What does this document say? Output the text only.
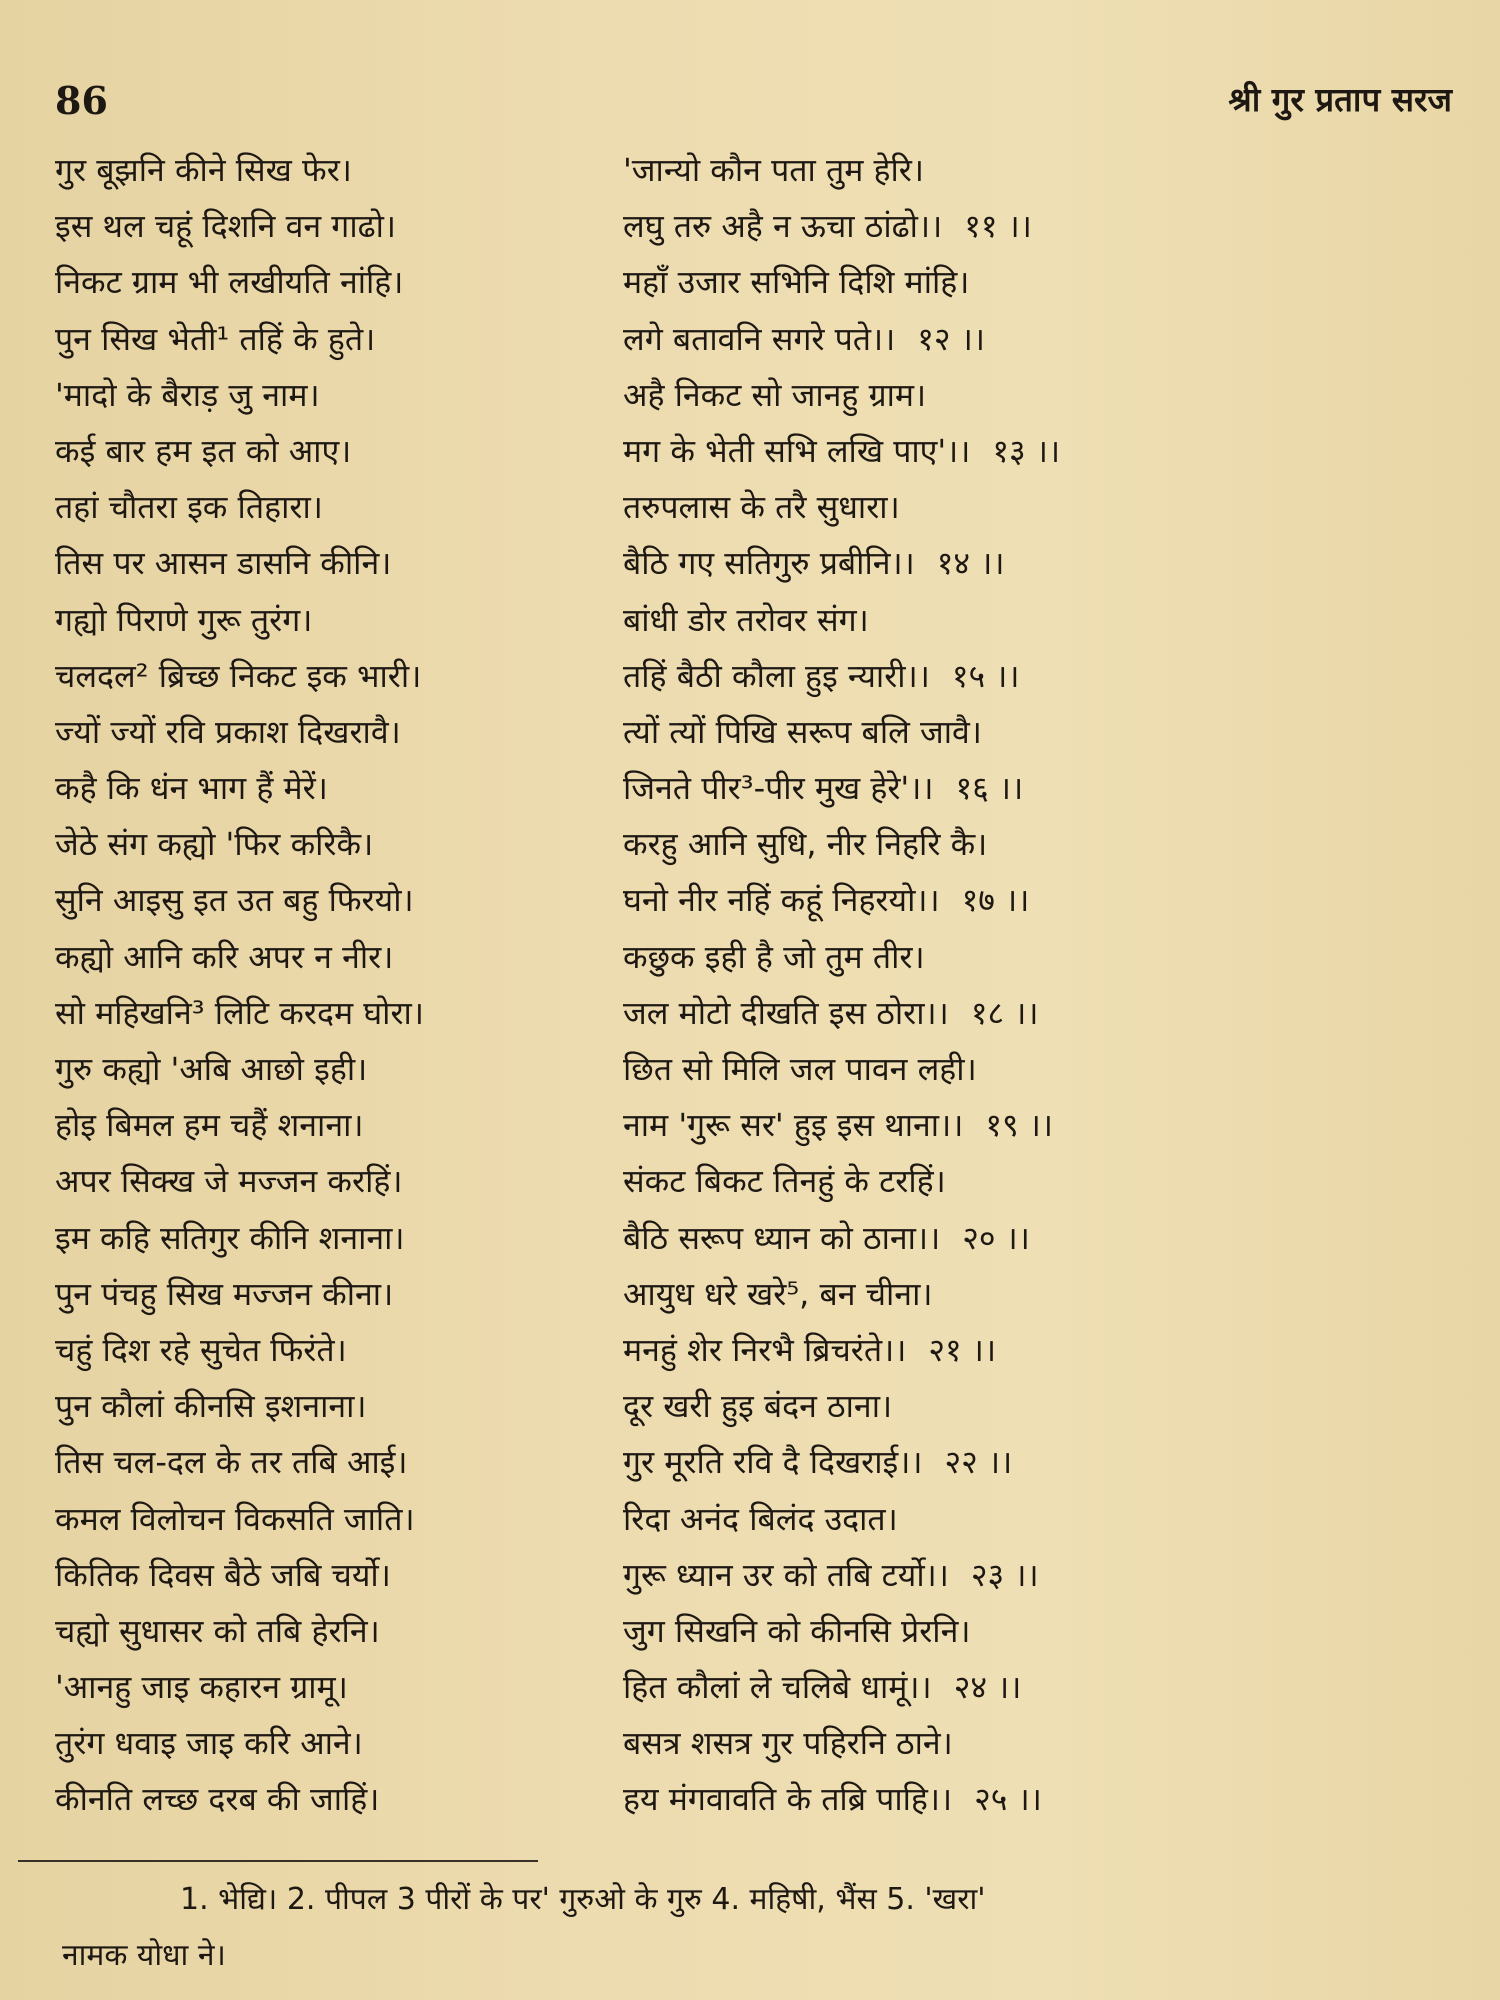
86	श्री गुर प्रताप सरज
गुर बूझनि कीने सिख फेर।	'जान्यो कौन पता तुम हेरि।
इस थल चहूं दिशनि वन गाढो।	लघु तरु अहै न ऊचा ठांढो।। ११ ।।
निकट ग्राम भी लखीयति नांहि।	महाँ उजार सभिनि दिशि मांहि।
पुन सिख भेती¹ तहिं के हुते।	लगे बतावनि सगरे पते।। १२ ।।
'मादो के बैराड़ जु नाम।	अहै निकट सो जानहु ग्राम।
कई बार हम इत को आए।	मग के भेती सभि लखि पाए'।। १३ ।।
तहां चौतरा इक तिहारा।	तरुपलास के तरै सुधारा।
तिस पर आसन डासनि कीनि।	बैठि गए सतिगुरु प्रबीनि।। १४ ।।
गह्यो पिराणे गुरू तुरंग।	बांधी डोर तरोवर संग।
चलदल² ब्रिच्छ निकट इक भारी।	तहिं बैठी कौला हुइ न्यारी।। १५ ।।
ज्यों ज्यों रवि प्रकाश दिखरावै।	त्यों त्यों पिखि सरूप बलि जावै।
कहै कि धंन भाग हैं मेरें।	जिनते पीर³-पीर मुख हेरे'।। १६ ।।
जेठे संग कह्यो 'फिर करिकै।	करहु आनि सुधि, नीर निहरि कै।
सुनि आइसु इत उत बहु फिरयो।	घनो नीर नहिं कहूं निहरयो।। १७ ।।
कह्यो आनि करि अपर न नीर।	कछुक इही है जो तुम तीर।
सो महिखनि³ लिटि करदम घोरा।	जल मोटो दीखति इस ठोरा।। १८ ।।
गुरु कह्यो 'अबि आछो इही।	छित सो मिलि जल पावन लही।
होइ बिमल हम चहैं शनाना।	नाम 'गुरू सर' हुइ इस थाना।। १९ ।।
अपर सिक्ख जे मज्जन करहिं।	संकट बिकट तिनहुं के टरहिं।
इम कहि सतिगुर कीनि शनाना।	बैठि सरूप ध्यान को ठाना।। २० ।।
पुन पंचहु सिख मज्जन कीना।	आयुध धरे खरे⁵, बन चीना।
चहुं दिश रहे सुचेत फिरंते।	मनहुं शेर निरभै ब्रिचरंते।। २१ ।।
पुन कौलां कीनसि इशनाना।	दूर खरी हुइ बंदन ठाना।
तिस चल-दल के तर तबि आई।	गुर मूरति रवि दै दिखराई।। २२ ।।
कमल विलोचन विकसति जाति।	रिदा अनंद बिलंद उदात।
कितिक दिवस बैठे जबि चर्यो।	गुरू ध्यान उर को तबि टर्यो।। २३ ।।
चह्यो सुधासर को तबि हेरनि।	जुग सिखनि को कीनसि प्रेरनि।
'आनहु जाइ कहारन ग्रामू।	हित कौलां ले चलिबे धामूं।। २४ ।।
तुरंग धवाइ जाइ करि आने।	बसत्र शसत्र गुर पहिरनि ठाने।
कीनति लच्छ दरब की जाहिं।	हय मंगवावति के तब्रि पाहि।। २५ ।।
1. भेद्यि। 2. पीपल 3 पीरों के पर' गुरुओ के गुरु 4. महिषी, भैंस 5. 'खरा'
नामक योधा ने।
